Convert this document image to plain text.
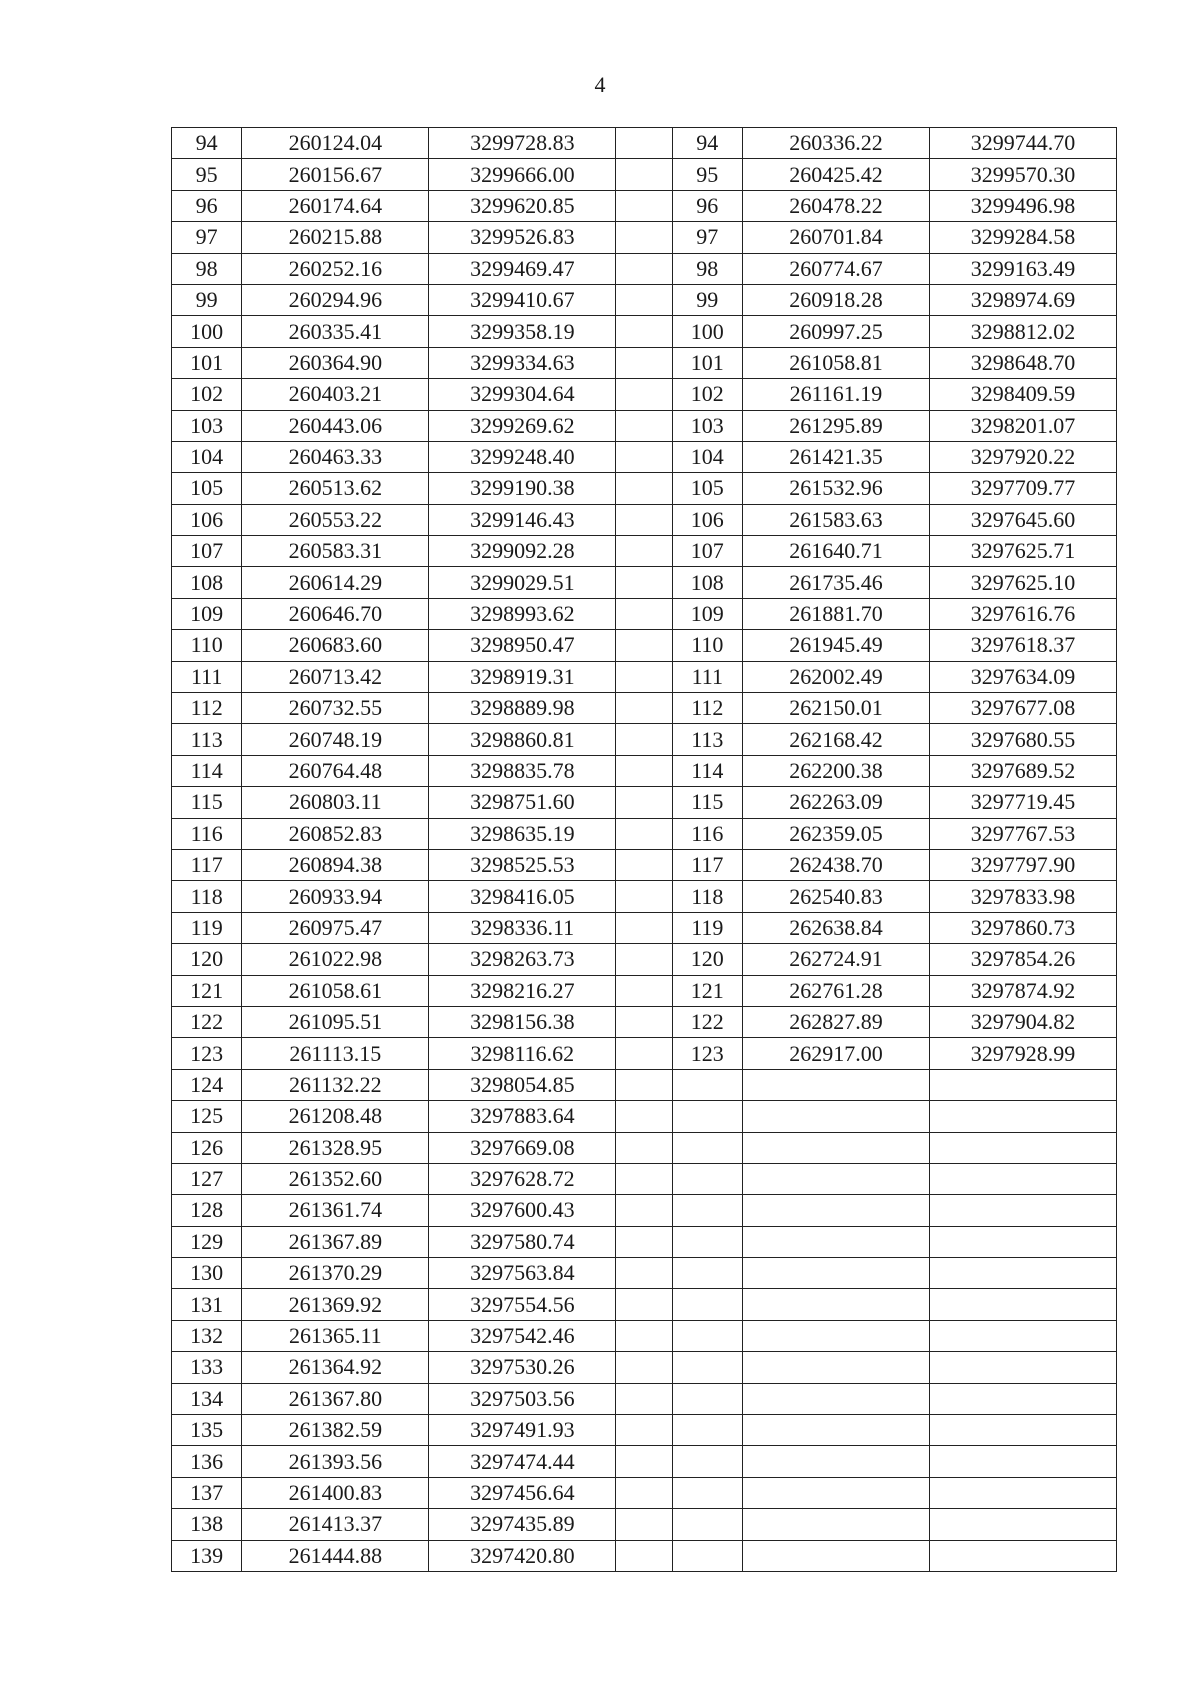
4
94	260124.04	3299728.83		94	260336.22	3299744.70
95	260156.67	3299666.00		95	260425.42	3299570.30
96	260174.64	3299620.85		96	260478.22	3299496.98
97	260215.88	3299526.83		97	260701.84	3299284.58
98	260252.16	3299469.47		98	260774.67	3299163.49
99	260294.96	3299410.67		99	260918.28	3298974.69
100	260335.41	3299358.19		100	260997.25	3298812.02
101	260364.90	3299334.63		101	261058.81	3298648.70
102	260403.21	3299304.64		102	261161.19	3298409.59
103	260443.06	3299269.62		103	261295.89	3298201.07
104	260463.33	3299248.40		104	261421.35	3297920.22
105	260513.62	3299190.38		105	261532.96	3297709.77
106	260553.22	3299146.43		106	261583.63	3297645.60
107	260583.31	3299092.28		107	261640.71	3297625.71
108	260614.29	3299029.51		108	261735.46	3297625.10
109	260646.70	3298993.62		109	261881.70	3297616.76
110	260683.60	3298950.47		110	261945.49	3297618.37
111	260713.42	3298919.31		111	262002.49	3297634.09
112	260732.55	3298889.98		112	262150.01	3297677.08
113	260748.19	3298860.81		113	262168.42	3297680.55
114	260764.48	3298835.78		114	262200.38	3297689.52
115	260803.11	3298751.60		115	262263.09	3297719.45
116	260852.83	3298635.19		116	262359.05	3297767.53
117	260894.38	3298525.53		117	262438.70	3297797.90
118	260933.94	3298416.05		118	262540.83	3297833.98
119	260975.47	3298336.11		119	262638.84	3297860.73
120	261022.98	3298263.73		120	262724.91	3297854.26
121	261058.61	3298216.27		121	262761.28	3297874.92
122	261095.51	3298156.38		122	262827.89	3297904.82
123	261113.15	3298116.62		123	262917.00	3297928.99
124	261132.22	3298054.85				
125	261208.48	3297883.64				
126	261328.95	3297669.08				
127	261352.60	3297628.72				
128	261361.74	3297600.43				
129	261367.89	3297580.74				
130	261370.29	3297563.84				
131	261369.92	3297554.56				
132	261365.11	3297542.46				
133	261364.92	3297530.26				
134	261367.80	3297503.56				
135	261382.59	3297491.93				
136	261393.56	3297474.44				
137	261400.83	3297456.64				
138	261413.37	3297435.89				
139	261444.88	3297420.80				
